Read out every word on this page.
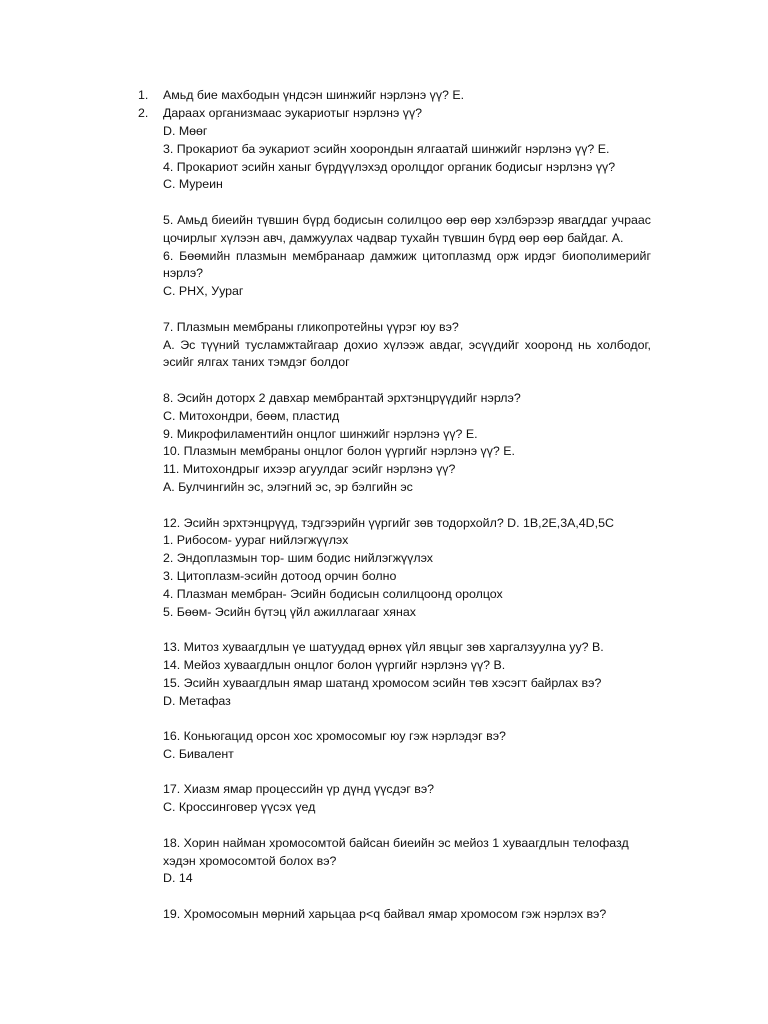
1. Амьд бие махбодын үндсэн шинжийг нэрлэнэ үү? Е.
2. Дараах организмаас эукариотыг нэрлэнэ үү?

D. Мөөг

3. Прокариот ба эукариот эсийн хоорондын ялгаатай шинжийг нэрлэнэ үү? Е.

4. Прокариот эсийн ханыг бүрдүүлэхэд оролцдог органик бодисыг нэрлэнэ үү?

С. Муреин

5. Амьд биеийн түвшин бүрд бодисын солилцоо өөр өөр хэлбэрээр явагддаг учраас цочирлыг хүлээн авч, дамжуулах чадвар тухайн түвшин бүрд өөр өөр байдаг. А.

6. Бөөмийн плазмын мембранаар дамжиж цитоплазмд орж ирдэг биополимерийг нэрлэ?

С. РНХ, Уураг

7. Плазмын мембраны гликопротейны үүрэг юу вэ?

А. Эс түүний тусламжтайгаар дохио хүлээж авдаг, эсүүдийг хооронд нь холбодог, эсийг ялгах таних тэмдэг болдог

8. Эсийн доторх 2 давхар мембрантай эрхтэнцрүүдийг нэрлэ?

С. Митохондри, бөөм, пластид

9. Микрофиламентийн онцлог шинжийг нэрлэнэ үү? Е.

10. Плазмын мембраны онцлог болон үүргийг нэрлэнэ үү? Е.

11. Митохондрыг ихээр агуулдаг эсийг нэрлэнэ үү?

А. Булчингийн эс, элэгний эс, эр бэлгийн эс

12. Эсийн эрхтэнцрүүд, тэдгээрийн үүргийг зөв тодорхойл? D. 1В,2Е,3А,4D,5С

1. Рибосом- уураг нийлэгжүүлэх

2. Эндоплазмын тор- шим бодис нийлэгжүүлэх

3. Цитоплазм-эсийн дотоод орчин болно

4. Плазман мембран- Эсийн бодисын солилцоонд оролцох

5. Бөөм- Эсийн бүтэц үйл ажиллагааг хянах

13. Митоз хуваагдлын үе шатуудад өрнөх үйл явцыг зөв харгалзуулна уу? В.

14. Мейоз хуваагдлын онцлог болон үүргийг нэрлэнэ үү? В.

15. Эсийн хуваагдлын ямар шатанд хромосом эсийн төв хэсэгт байрлах вэ?

D. Метафаз

16. Коньюгацид орсон хос хромосомыг юу гэж нэрлэдэг вэ?

С. Бивалент

17. Хиазм ямар процессийн үр дүнд үүсдэг вэ?

С. Кроссинговер үүсэх үед

18. Хорин найман хромосомтой байсан биеийн эс мейоз 1 хуваагдлын телофазд хэдэн хромосомтой болох вэ?

D. 14

19. Хромосомын мөрний харьцаа p<q байвал ямар хромосом гэж нэрлэх вэ?
